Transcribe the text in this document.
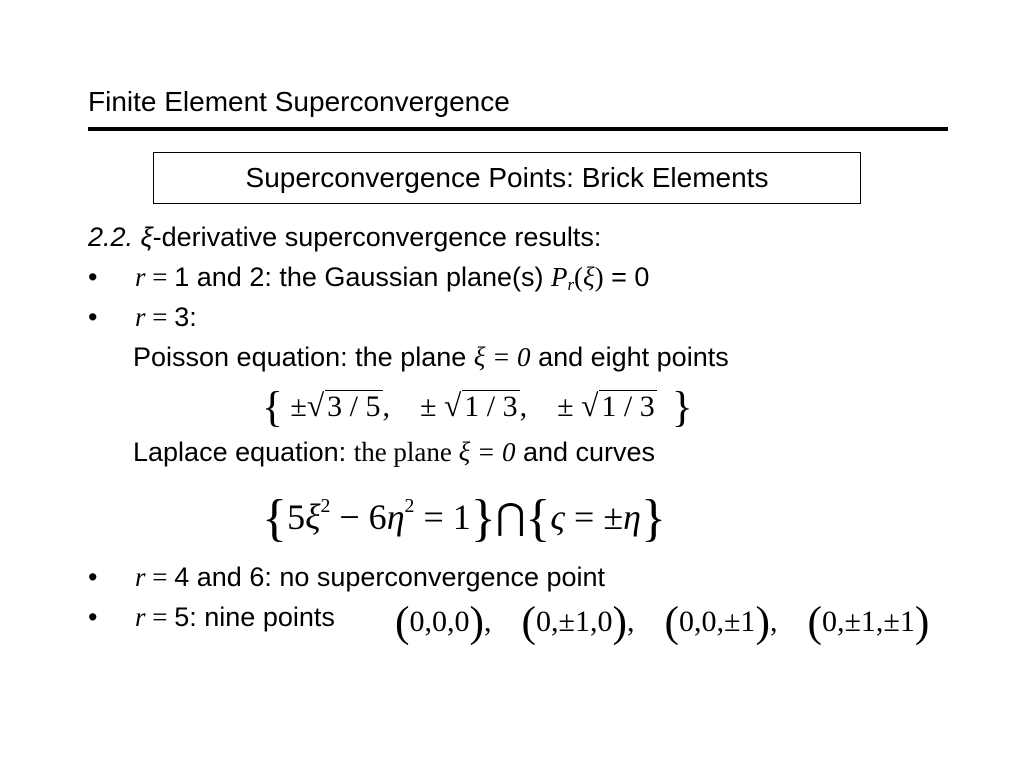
Finite Element Superconvergence
Superconvergence Points: Brick Elements
2.2. ξ-derivative superconvergence results:
• r = 1 and 2: the Gaussian plane(s) $P_r(\xi) = 0$
• r = 3:
Poisson equation: the plane ξ = 0 and eight points
{ ±√ 3 / 5, ± √ 1 / 3, ± √ 1 / 3 }
Laplace equation: the plane ξ = 0 and curves
{$5\xi^2 - 6\eta^2$ = 1}⋂{ς = ±η}
• r = 4 and 6: no superconvergence point
• r = 5: nine points (0,0,0),    (0,±1,0),    (0,0,±1),    (0,±1,±1)
